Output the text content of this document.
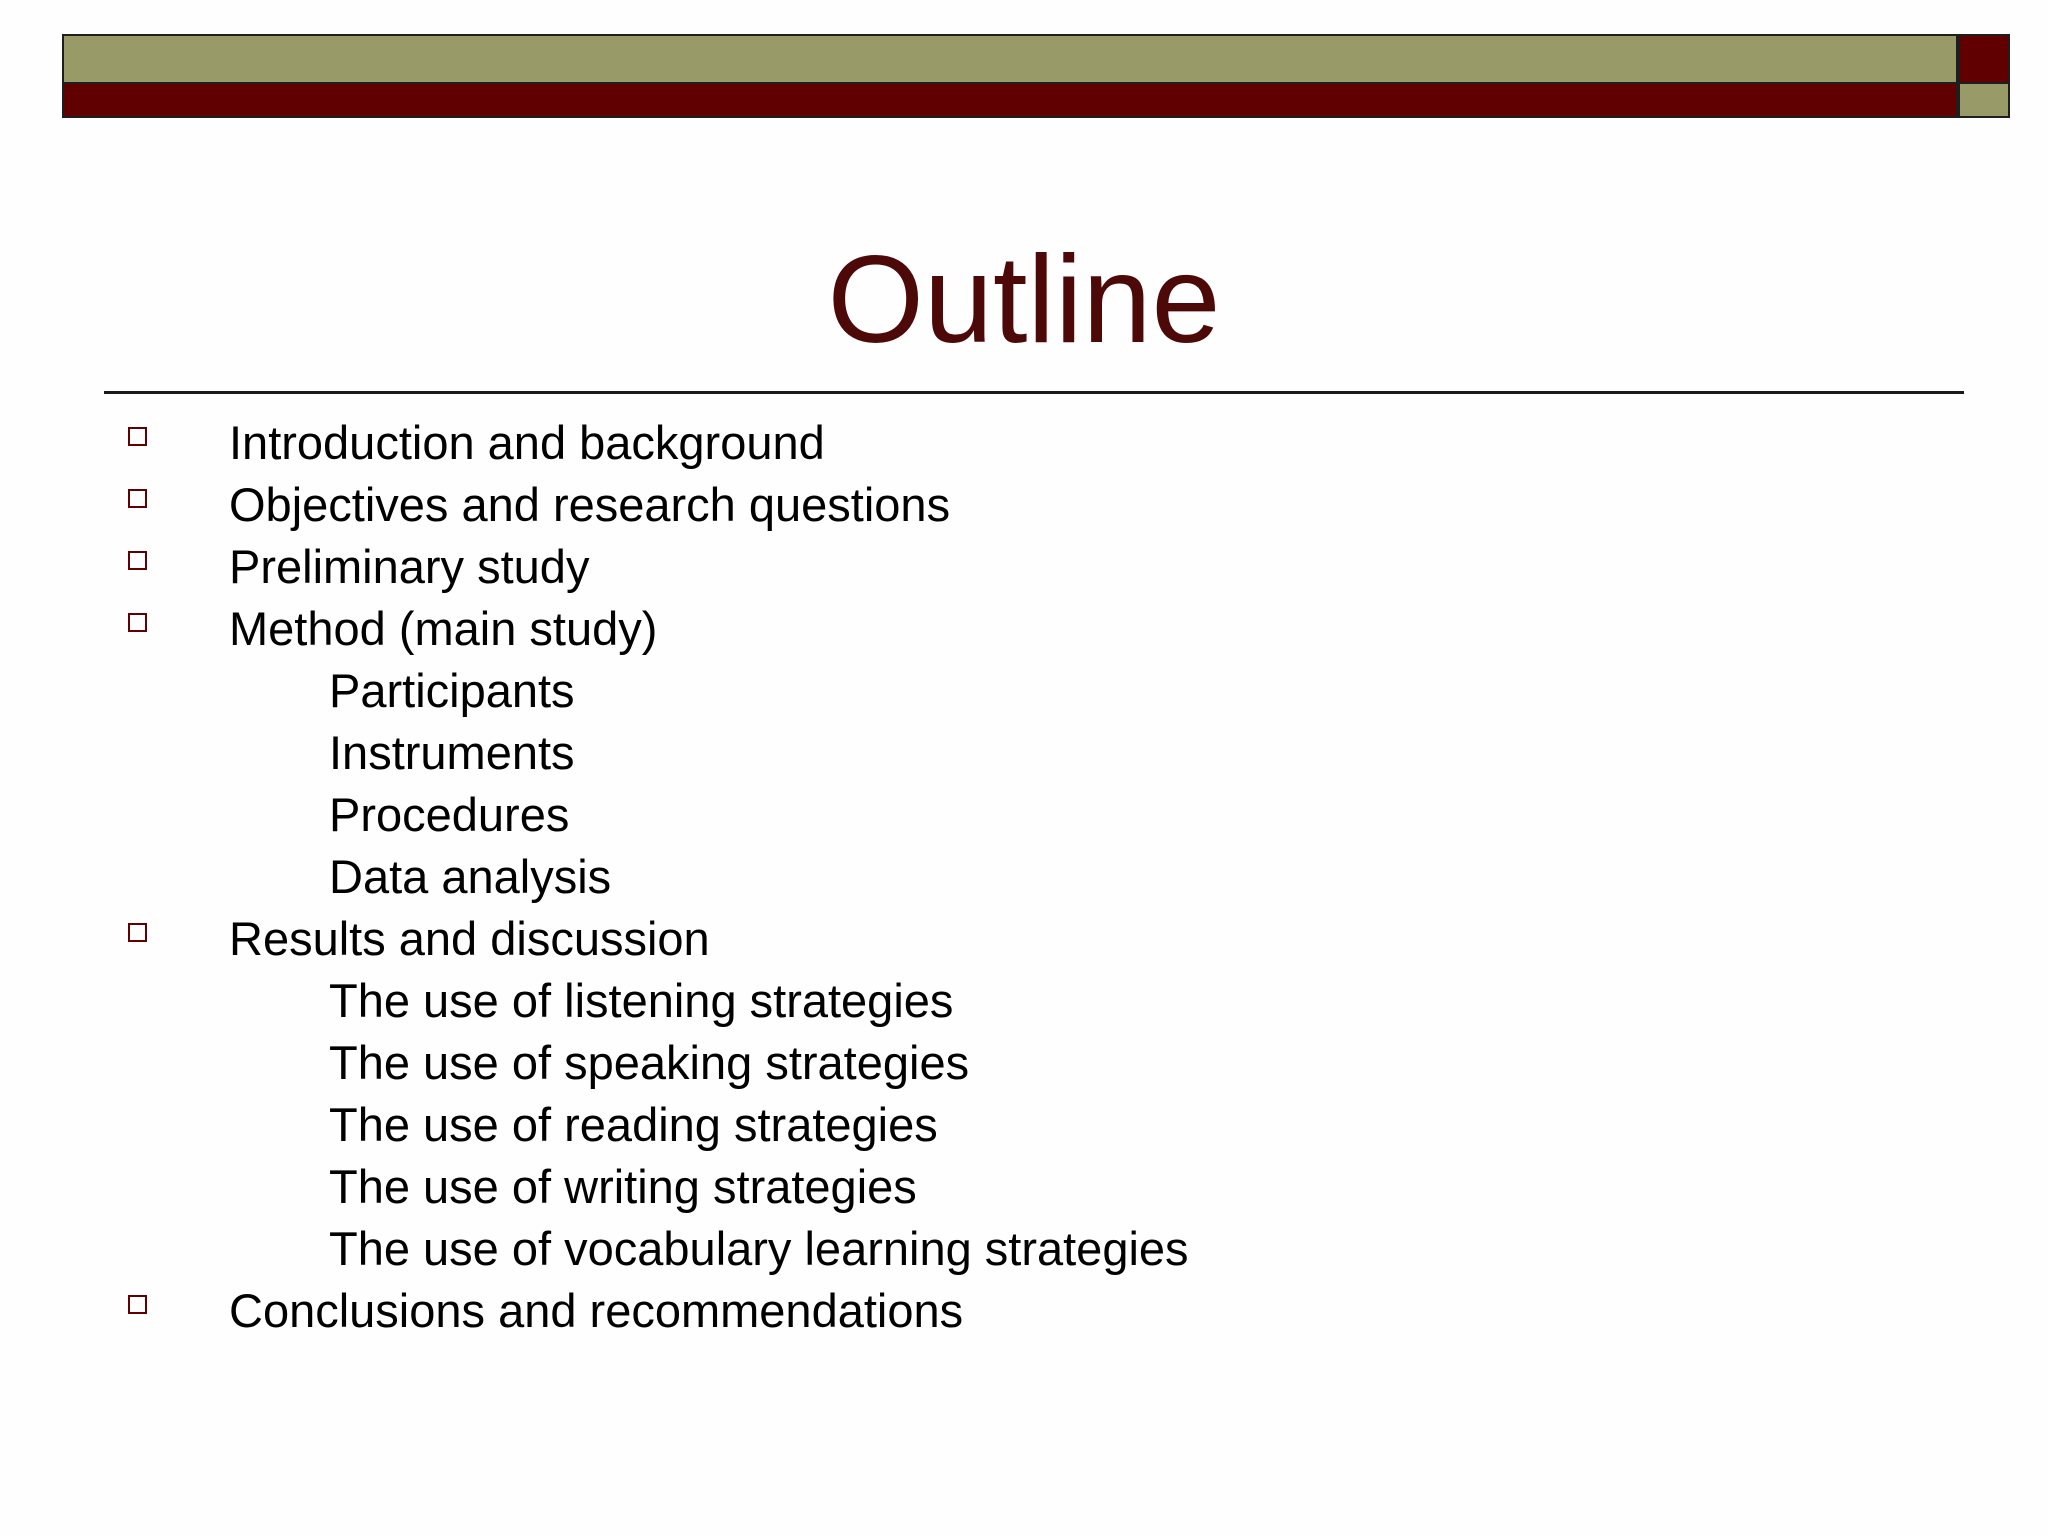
Outline
Introduction and background
Objectives and research questions
Preliminary study
Method (main study)
Participants
Instruments
Procedures
Data analysis
Results and discussion
The use of listening strategies
The use of speaking strategies
The use of reading strategies
The use of writing strategies
The use of vocabulary learning strategies
Conclusions and recommendations
